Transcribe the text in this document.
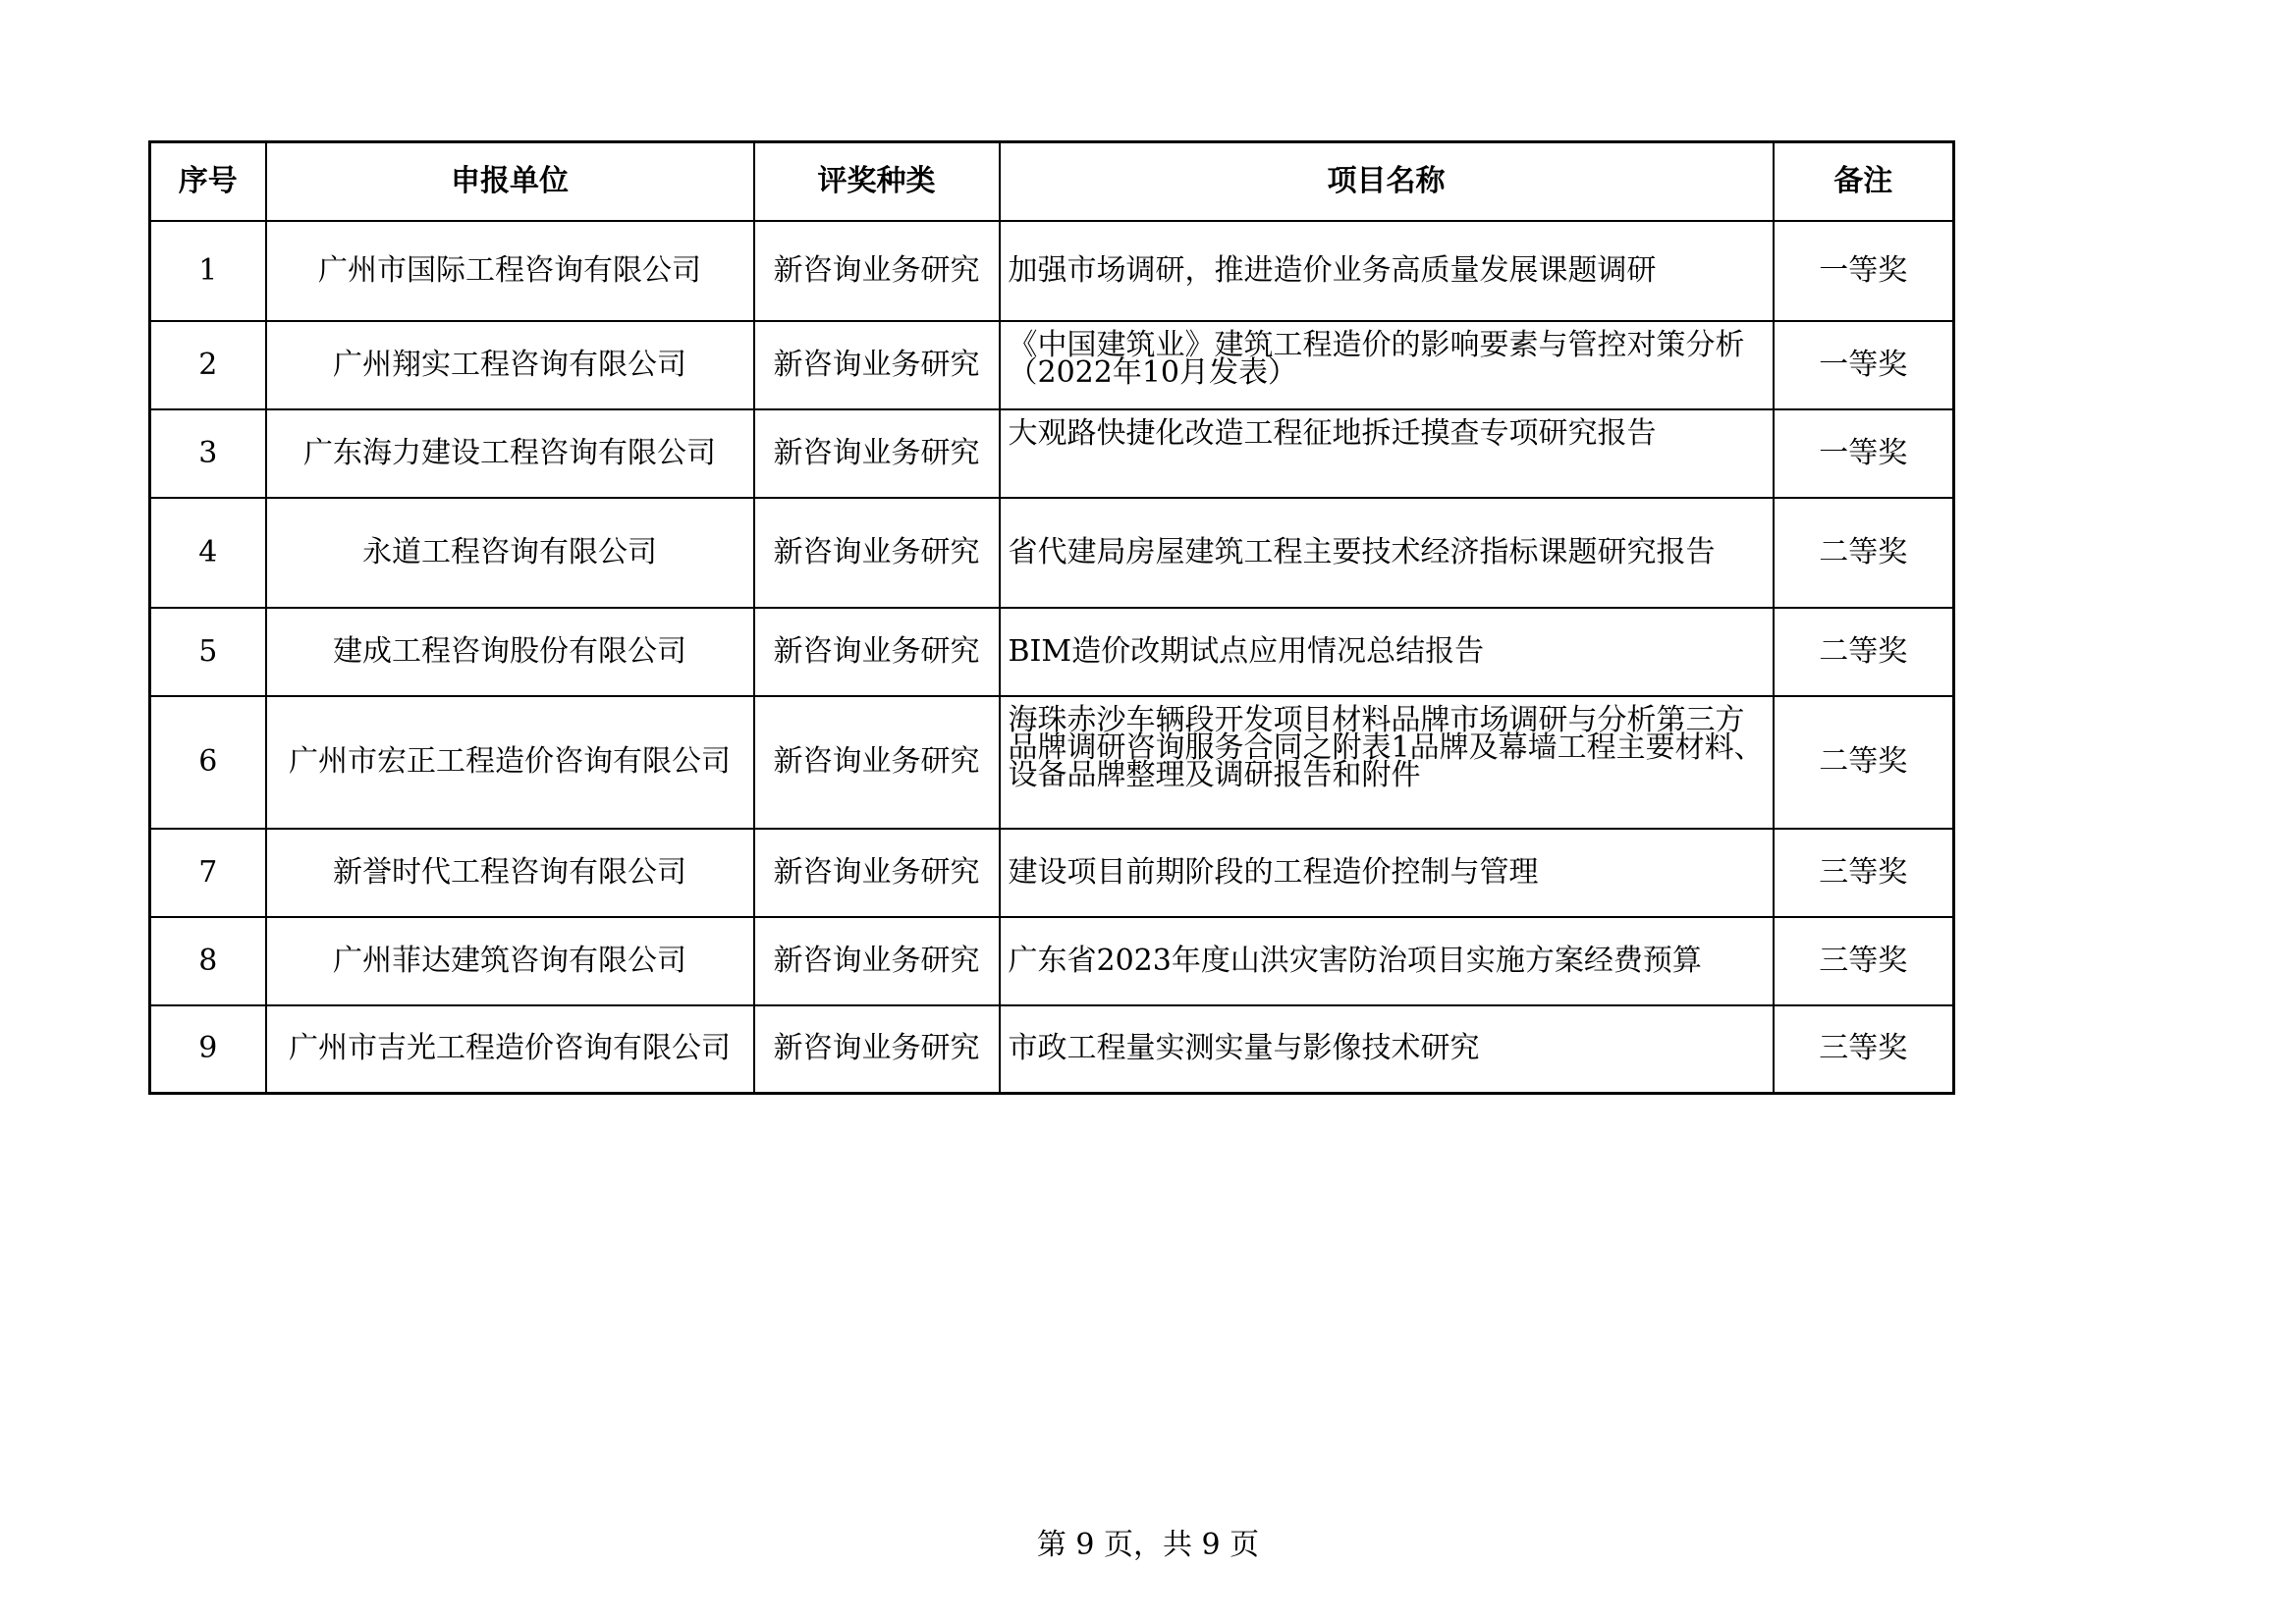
序号	申报单位	评奖种类	项目名称	备注
1	广州市国际工程咨询有限公司	新咨询业务研究	加强市场调研，推进造价业务高质量发展课题调研	一等奖
2	广州翔实工程咨询有限公司	新咨询业务研究	《中国建筑业》建筑工程造价的影响要素与管控对策分析（2022年10月发表）	一等奖
3	广东海力建设工程咨询有限公司	新咨询业务研究	大观路快捷化改造工程征地拆迁摸查专项研究报告	一等奖
4	永道工程咨询有限公司	新咨询业务研究	省代建局房屋建筑工程主要技术经济指标课题研究报告	二等奖
5	建成工程咨询股份有限公司	新咨询业务研究	BIM造价改期试点应用情况总结报告	二等奖
6	广州市宏正工程造价咨询有限公司	新咨询业务研究	海珠赤沙车辆段开发项目材料品牌市场调研与分析第三方品牌调研咨询服务合同之附表1品牌及幕墙工程主要材料、设备品牌整理及调研报告和附件	二等奖
7	新誉时代工程咨询有限公司	新咨询业务研究	建设项目前期阶段的工程造价控制与管理	三等奖
8	广州菲达建筑咨询有限公司	新咨询业务研究	广东省2023年度山洪灾害防治项目实施方案经费预算	三等奖
9	广州市吉光工程造价咨询有限公司	新咨询业务研究	市政工程量实测实量与影像技术研究	三等奖
第 9 页，共 9 页
